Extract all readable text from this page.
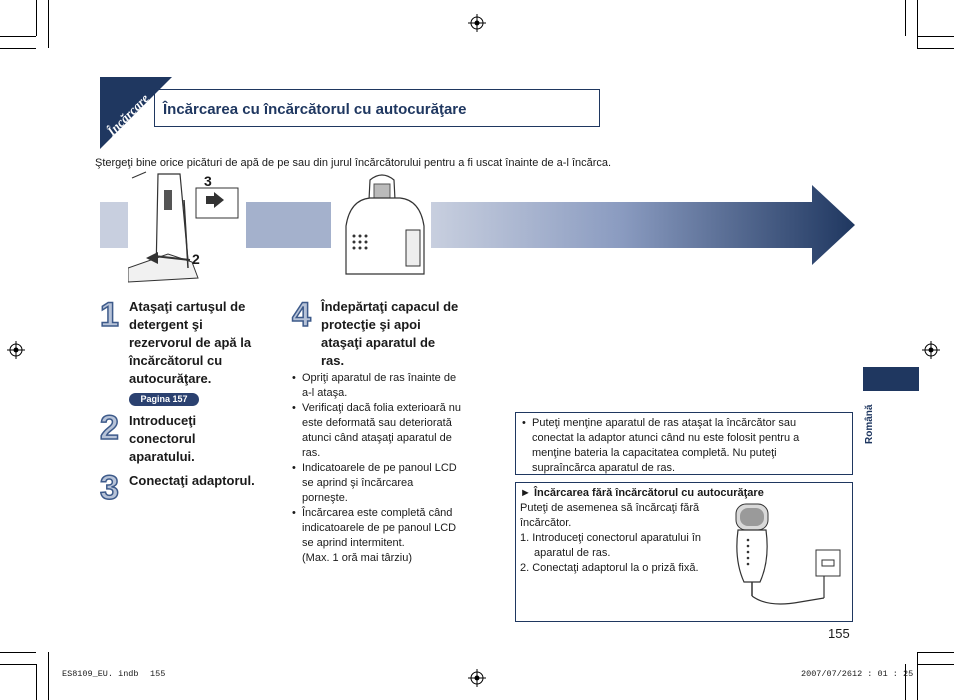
Încărcare Încărcarea cu încărcătorul cu autocurăţare
Ştergeţi bine orice picături de apă de pe sau din jurul încărcătorului pentru a fi uscat înainte de a-l încărca.
3
2
1 Ataşaţi cartuşul de
detergent şi
rezervorul de apă la
încărcătorul cu
autocurăţare.
Pagina 157
2 Introduceţi
conectorul
aparatului.
3 Conectaţi adaptorul.
4 Îndepărtaţi capacul de
protecţie şi apoi
ataşaţi aparatul de
ras.
• Opriţi aparatul de ras înainte de
a-l ataşa.
• Verificaţi dacă folia exterioară nu
este deformată sau deteriorată
atunci când ataşaţi aparatul de
ras.
• Indicatoarele de pe panoul LCD
se aprind şi încărcarea
porneşte.
• Încărcarea este completă când
indicatoarele de pe panoul LCD
se aprind intermitent.
(Max. 1 oră mai târziu)
• Puteţi menţine aparatul de ras ataşat la încărcător sau
conectat la adaptor atunci când nu este folosit pentru a
menţine bateria la capacitatea completă. Nu puteţi
supraîncărca aparatul de ras.
► Încărcarea fără încărcătorul cu autocurăţare
Puteţi de asemenea să încărcaţi fără
încărcător.
1. Introduceţi conectorul aparatului în
aparatul de ras.
2. Conectaţi adaptorul la o priză fixă.
Română
155
ES8109_EU. indb 155	2007/07/26 12 : 01 : 25
